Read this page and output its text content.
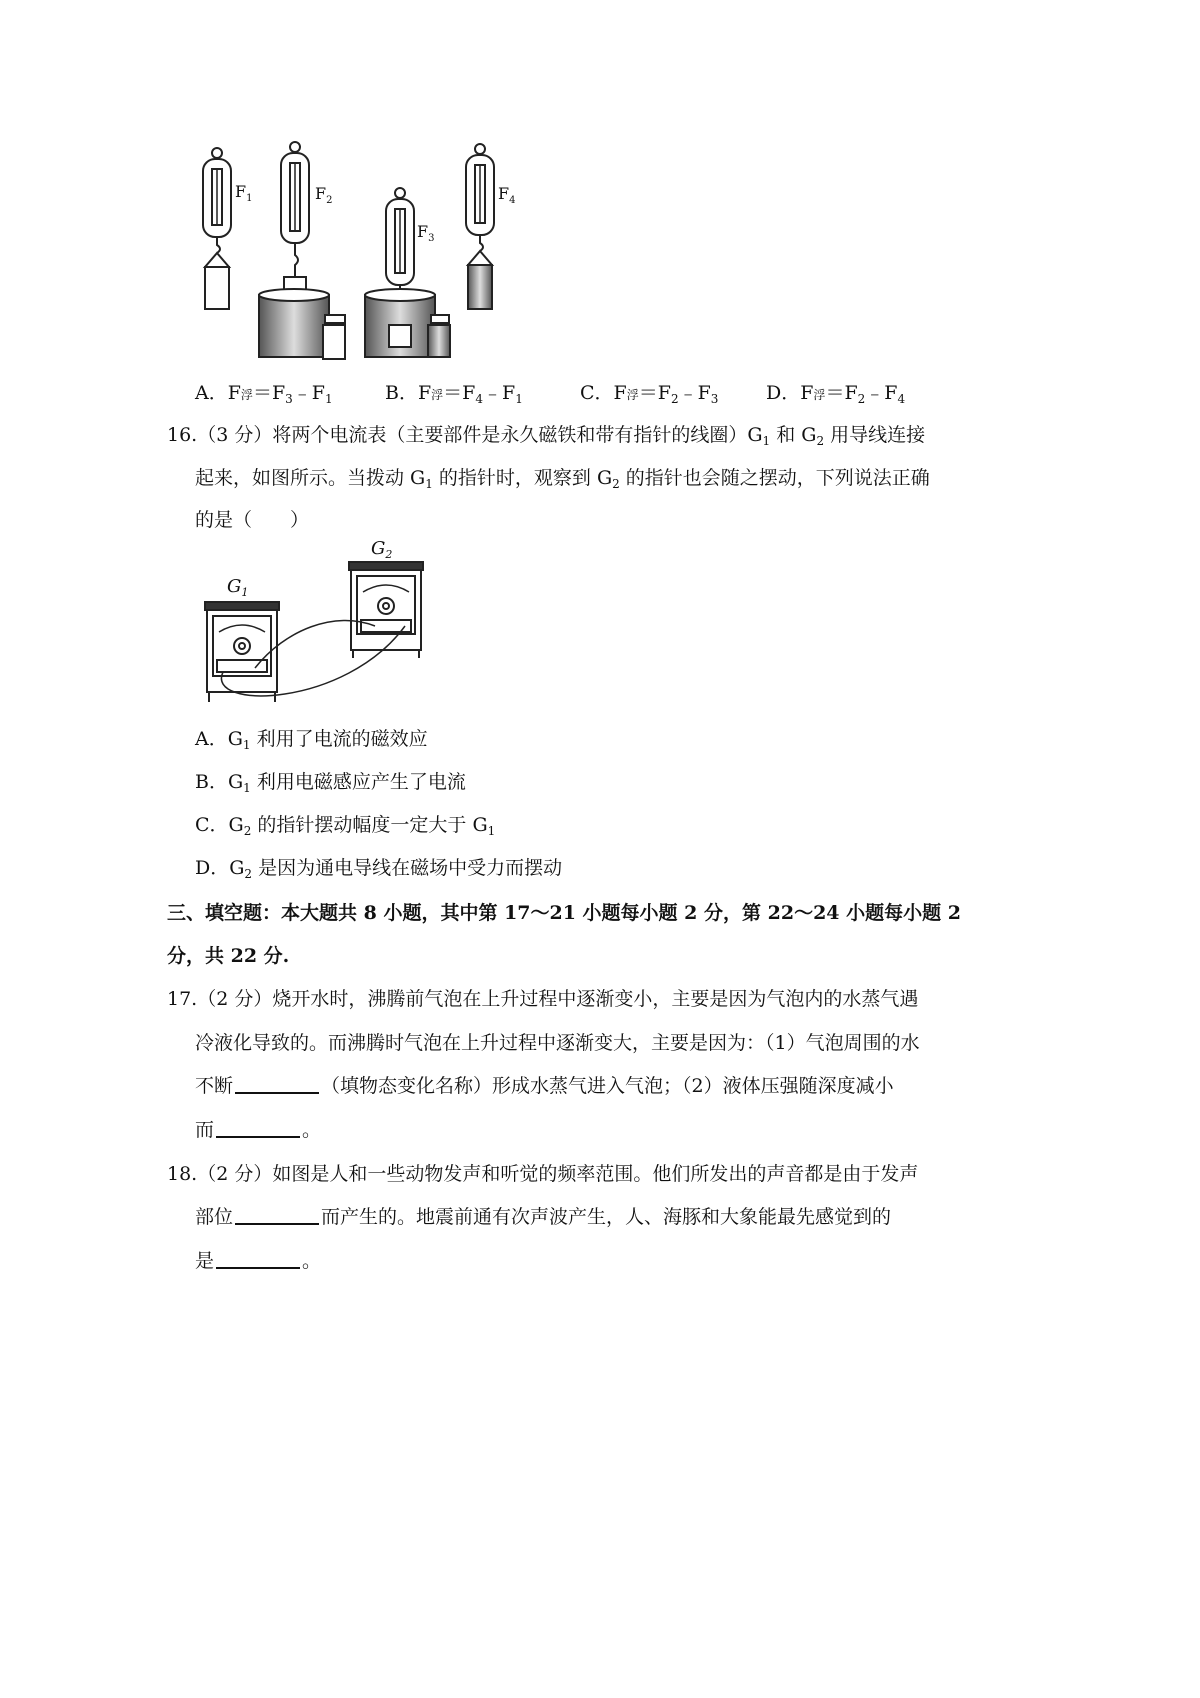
$F_1$	$F_2$
$F_3$
$F_4$
A．F浮$=F_3﹣F_1$	B．F浮$=F_4﹣F_1$	C．F浮$=F_2﹣F_3$	D．F浮$=F_2﹣F_4$
16.（3 分）将两个电流表（主要部件是永久磁铁和带有指针的线圈）$G_1$ 和 $G_2$ 用导线连接
起来，如图所示。当拨动 $G_1$ 的指针时，观察到 $G_2$ 的指针也会随之摆动，下列说法正确
的是（　　）
$G_1$
$G_2$
A．$G_1$ 利用了电流的磁效应
B．$G_1$ 利用电磁感应产生了电流
C．$G_2$ 的指针摆动幅度一定大于 $G_1$
D．$G_2$ 是因为通电导线在磁场中受力而摆动
三、填空题：本大题共 8 小题，其中第 17～21 小题每小题 2 分，第 22～24 小题每小题 2
分，共 22 分.
17.（2 分）烧开水时，沸腾前气泡在上升过程中逐渐变小，主要是因为气泡内的水蒸气遇
冷液化导致的。而沸腾时气泡在上升过程中逐渐变大，主要是因为：（1）气泡周围的水
不断	（填物态变化名称）形成水蒸气进入气泡；（2）液体压强随深度减小
而	。
18.（2 分）如图是人和一些动物发声和听觉的频率范围。他们所发出的声音都是由于发声
部位	而产生的。地震前通有次声波产生，人、海豚和大象能最先感觉到的
是	。
